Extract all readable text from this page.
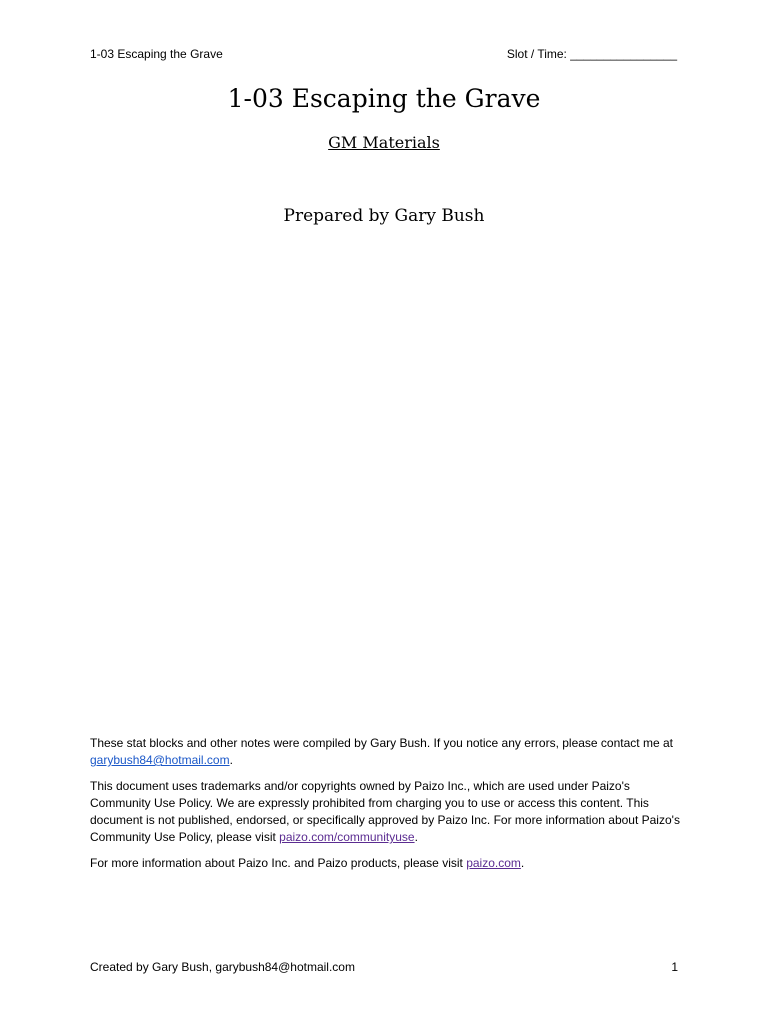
1-03 Escaping the Grave	Slot / Time: ________________
1-03 Escaping the Grave
GM Materials
Prepared by Gary Bush

These stat blocks and other notes were compiled by Gary Bush. If you notice any errors, please contact me at garybush84@hotmail.com.

This document uses trademarks and/or copyrights owned by Paizo Inc., which are used under Paizo's Community Use Policy. We are expressly prohibited from charging you to use or access this content. This document is not published, endorsed, or specifically approved by Paizo Inc. For more information about Paizo's Community Use Policy, please visit paizo.com/communityuse.

For more information about Paizo Inc. and Paizo products, please visit paizo.com.

Created by Gary Bush, garybush84@hotmail.com	1
